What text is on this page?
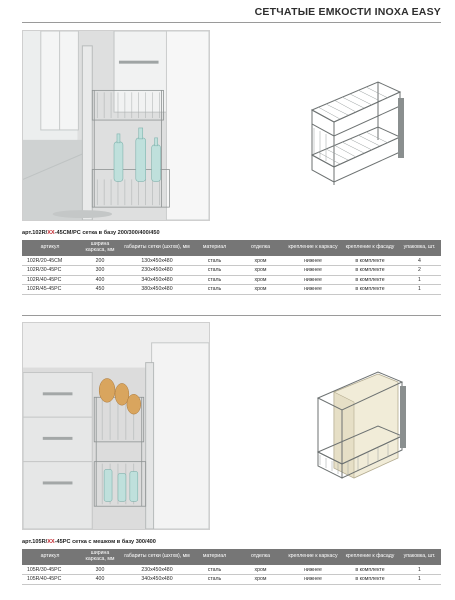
СЕТЧАТЫЕ ЕМКОСТИ INOXA EASY
арт.102R/XX-45CM/PC сетка в базу 200/300/400/450
артикул	ширина каркаса, мм	габариты сетки (шхгхв), мм	материал	отделка	крепление к каркасу	крепление к фасаду	упаковка, шт.
102R/20-45CM	200	130x450x480	сталь	хром	нижнее	в комплекте	4
102R/30-45PC	300	230x450x480	сталь	хром	нижнее	в комплекте	2
102R/40-45PC	400	340x450x480	сталь	хром	нижнее	в комплекте	1
102R/45-45PC	450	380x450x480	сталь	хром	нижнее	в комплекте	1
арт.105R/XX-45PC сетка с мешком в базу 300/400
артикул	ширина каркаса, мм	габариты сетки (шхгхв), мм	материал	отделка	крепление к каркасу	крепление к фасаду	упаковка, шт.
105R/30-45PC	300	230x450x480	сталь	хром	нижнее	в комплекте	1
105R/40-45PC	400	340x450x480	сталь	хром	нижнее	в комплекте	1
